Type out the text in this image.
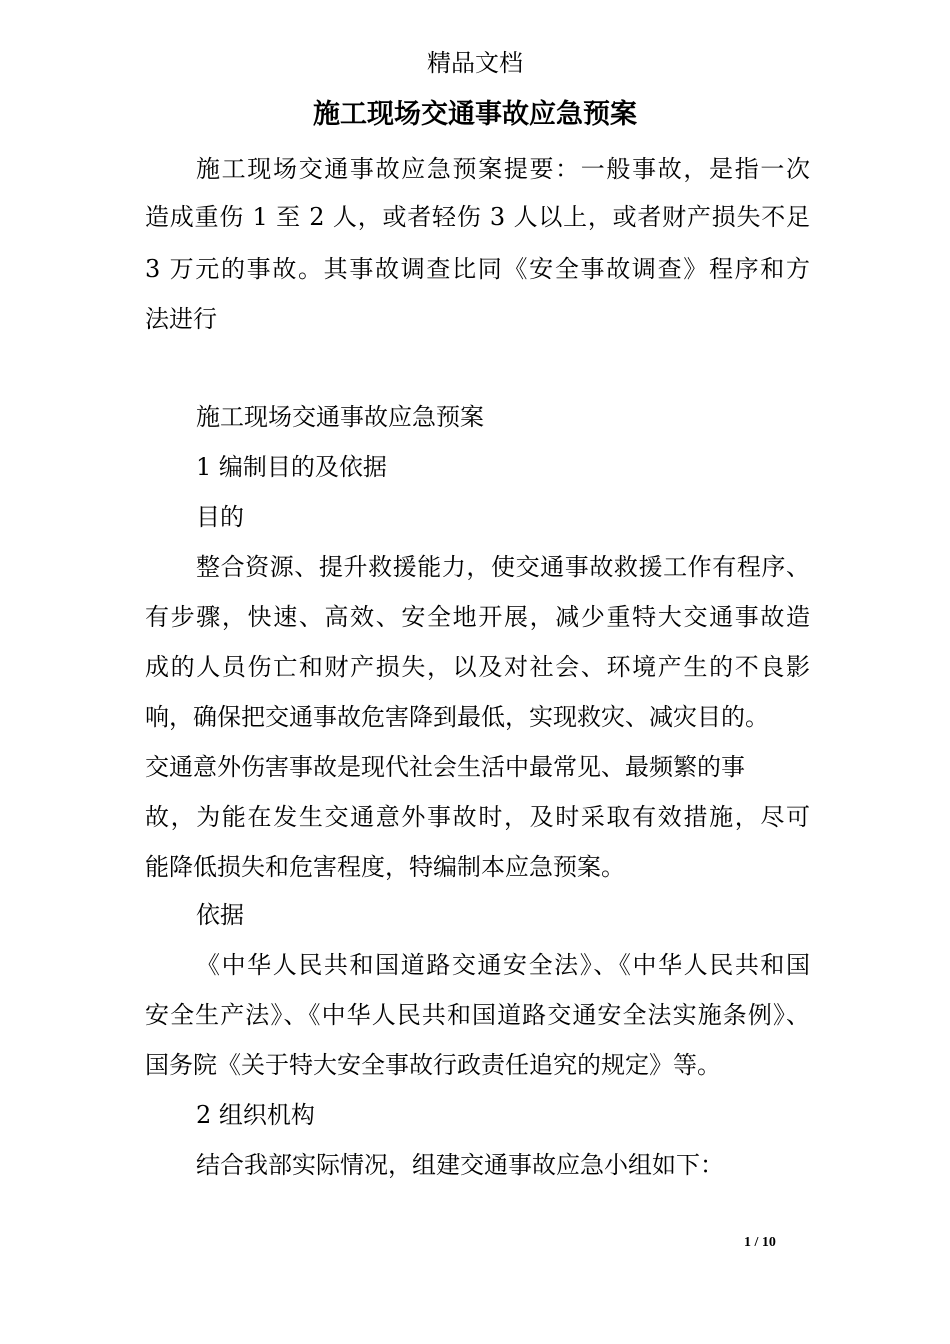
精品文档
施工现场交通事故应急预案
施工现场交通事故应急预案提要：一般事故，是指一次
造成重伤 1 至 2 人，或者轻伤 3 人以上，或者财产损失不足
3 万元的事故。其事故调查比同《安全事故调查》程序和方
法进行
施工现场交通事故应急预案
1 编制目的及依据
目的
整合资源、提升救援能力，使交通事故救援工作有程序、
有步骤，快速、高效、安全地开展，减少重特大交通事故造
成的人员伤亡和财产损失，以及对社会、环境产生的不良影
响，确保把交通事故危害降到最低，实现救灾、减灾目的。
交通意外伤害事故是现代社会生活中最常见、最频繁的事
故，为能在发生交通意外事故时，及时采取有效措施，尽可
能降低损失和危害程度，特编制本应急预案。
依据
《中华人民共和国道路交通安全法》、《中华人民共和国
安全生产法》、《中华人民共和国道路交通安全法实施条例》、
国务院《关于特大安全事故行政责任追究的规定》等。
2 组织机构
结合我部实际情况，组建交通事故应急小组如下：
1 / 10
